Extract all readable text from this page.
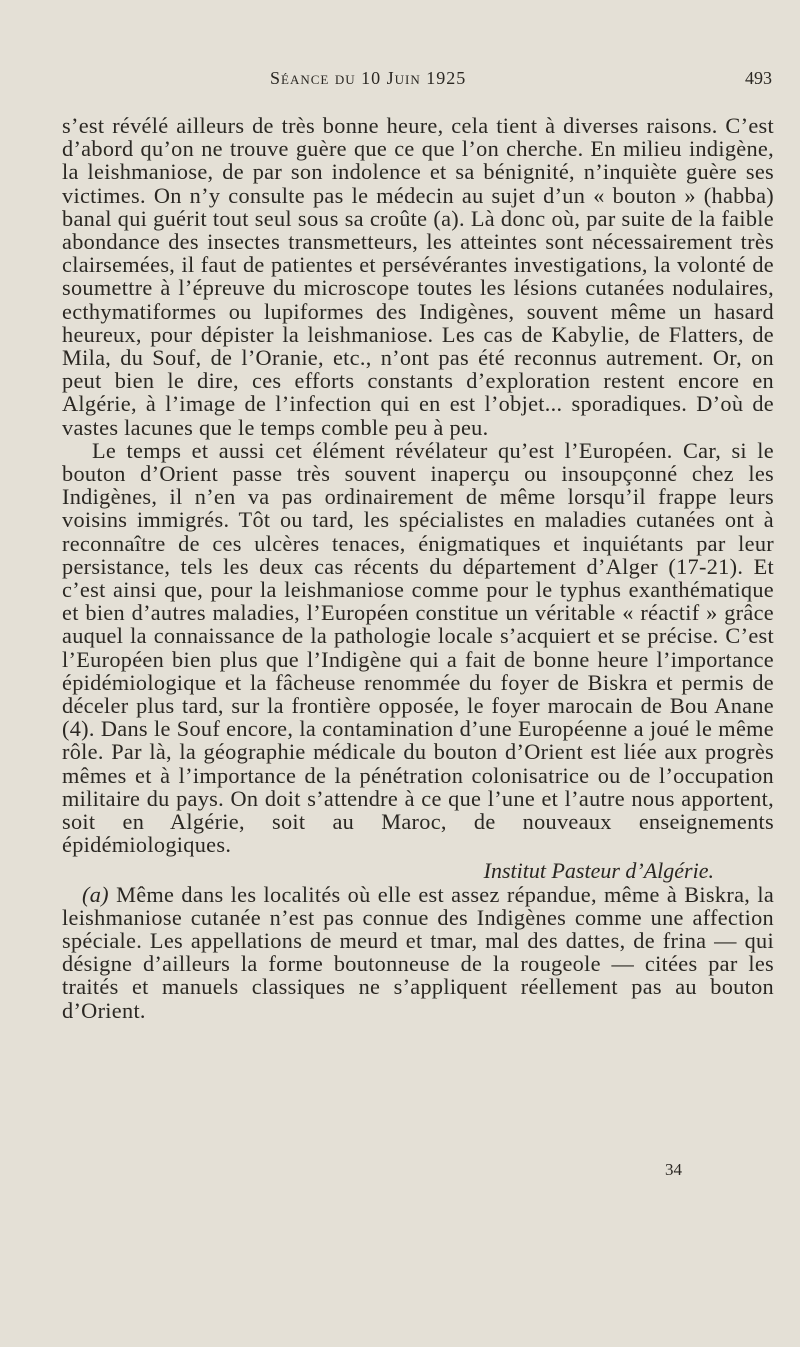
Séance du 10 Juin 1925	493

s’est révélé ailleurs de très bonne heure, cela tient à diverses raisons. C’est d’abord qu’on ne trouve guère que ce que l’on cherche. En milieu indigène, la leishmaniose, de par son indolence et sa bénignité, n’inquiète guère ses victimes. On n’y consulte pas le médecin au sujet d’un « bouton » (habba) banal qui guérit tout seul sous sa croûte (a). Là donc où, par suite de la faible abondance des insectes transmetteurs, les atteintes sont nécessairement très clairsemées, il faut de patientes et persévérantes investigations, la volonté de soumettre à l’épreuve du microscope toutes les lésions cutanées nodulaires, ecthymatiformes ou lupiformes des Indigènes, souvent même un hasard heureux, pour dépister la leishmaniose. Les cas de Kabylie, de Flatters, de Mila, du Souf, de l’Oranie, etc., n’ont pas été reconnus autrement. Or, on peut bien le dire, ces efforts constants d’exploration restent encore en Algérie, à l’image de l’infection qui en est l’objet... sporadiques. D’où de vastes lacunes que le temps comble peu à peu.

Le temps et aussi cet élément révélateur qu’est l’Européen. Car, si le bouton d’Orient passe très souvent inaperçu ou insoupçonné chez les Indigènes, il n’en va pas ordinairement de même lorsqu’il frappe leurs voisins immigrés. Tôt ou tard, les spécialistes en maladies cutanées ont à reconnaître de ces ulcères tenaces, énigmatiques et inquiétants par leur persistance, tels les deux cas récents du département d’Alger (17-21). Et c’est ainsi que, pour la leishmaniose comme pour le typhus exanthématique et bien d’autres maladies, l’Européen constitue un véritable « réactif » grâce auquel la connaissance de la pathologie locale s’acquiert et se précise. C’est l’Européen bien plus que l’Indigène qui a fait de bonne heure l’importance épidémiologique et la fâcheuse renommée du foyer de Biskra et permis de déceler plus tard, sur la frontière opposée, le foyer marocain de Bou Anane (4). Dans le Souf encore, la contamination d’une Européenne a joué le même rôle. Par là, la géographie médicale du bouton d’Orient est liée aux progrès mêmes et à l’importance de la pénétration colonisatrice ou de l’occupation militaire du pays. On doit s’attendre à ce que l’une et l’autre nous apportent, soit en Algérie, soit au Maroc, de nouveaux enseignements épidémiologiques.

Institut Pasteur d’Algérie.

(a) Même dans les localités où elle est assez répandue, même à Biskra, la leishmaniose cutanée n’est pas connue des Indigènes comme une affection spéciale. Les appellations de meurd et tmar, mal des dattes, de frina — qui désigne d’ailleurs la forme boutonneuse de la rougeole — citées par les traités et manuels classiques ne s’appliquent réellement pas au bouton d’Orient.

34
